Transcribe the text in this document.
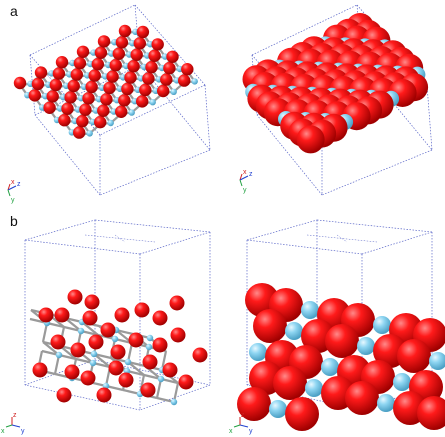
a
b
x z
y
x z
y
z
y
x
z
y
x
